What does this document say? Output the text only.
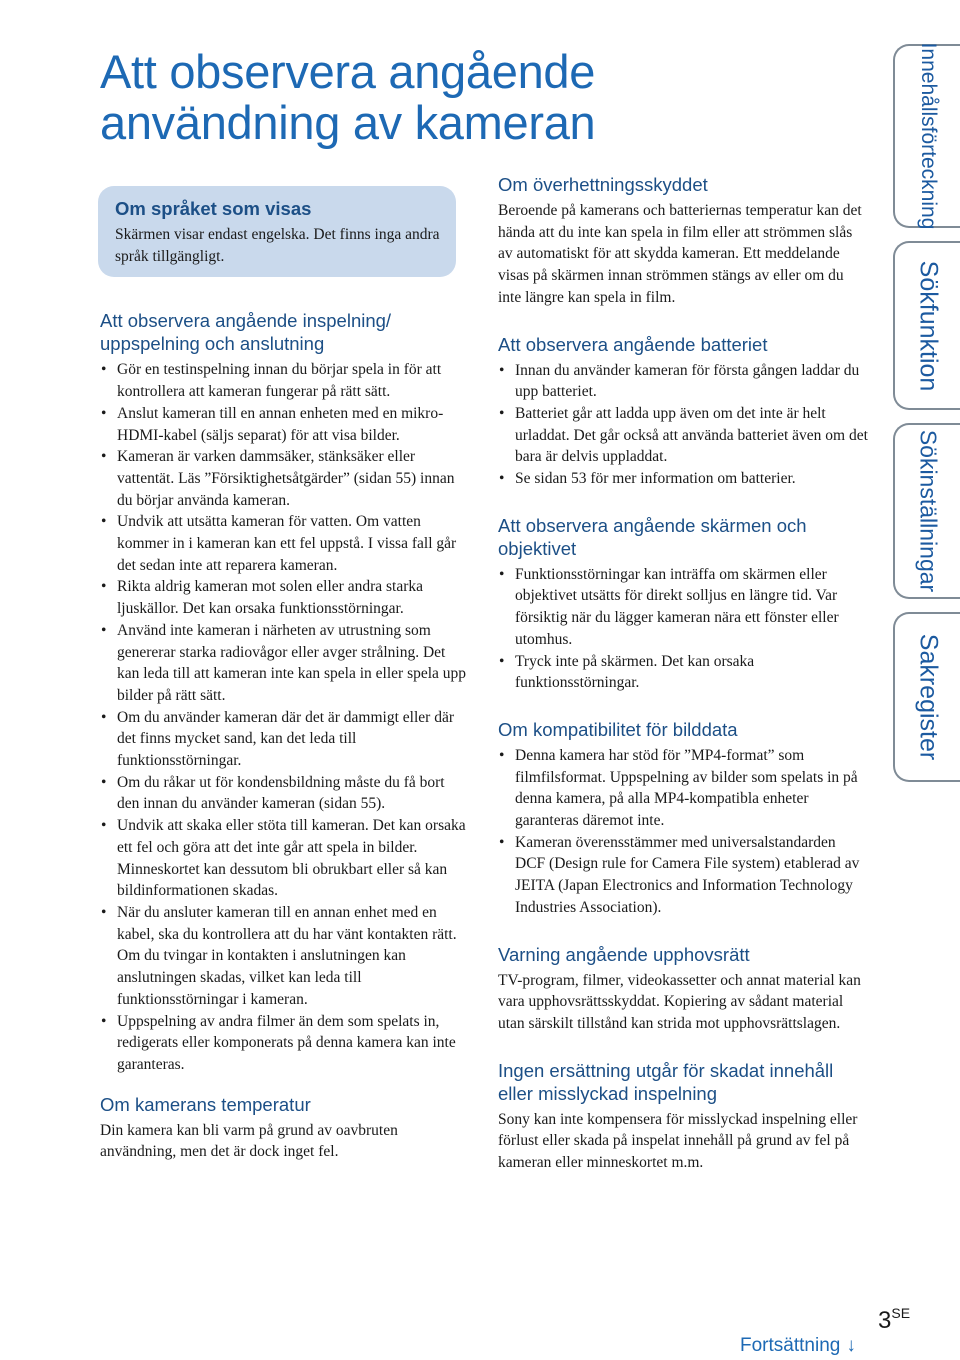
Att observera angående användning av kameran
Om språket som visas

Skärmen visar endast engelska. Det finns inga andra språk tillgängligt.

Att observera angående inspelning/ uppspelning och anslutning
• Gör en testinspelning innan du börjar spela in för att kontrollera att kameran fungerar på rätt sätt.
• Anslut kameran till en annan enheten med en mikro-HDMI-kabel (säljs separat) för att visa bilder.
• Kameran är varken dammsäker, stänksäker eller vattentät. Läs ”Försiktighetsåtgärder” (sidan 55) innan du börjar använda kameran.
• Undvik att utsätta kameran för vatten. Om vatten kommer in i kameran kan ett fel uppstå. I vissa fall går det sedan inte att reparera kameran.
• Rikta aldrig kameran mot solen eller andra starka ljuskällor. Det kan orsaka funktionsstörningar.
• Använd inte kameran i närheten av utrustning som genererar starka radiovågor eller avger strålning. Det kan leda till att kameran inte kan spela in eller spela upp bilder på rätt sätt.
• Om du använder kameran där det är dammigt eller där det finns mycket sand, kan det leda till funktionsstörningar.
• Om du råkar ut för kondensbildning måste du få bort den innan du använder kameran (sidan 55).
• Undvik att skaka eller stöta till kameran. Det kan orsaka ett fel och göra att det inte går att spela in bilder. Minneskortet kan dessutom bli obrukbart eller så kan bildinformationen skadas.
• När du ansluter kameran till en annan enhet med en kabel, ska du kontrollera att du har vänt kontakten rätt. Om du tvingar in kontakten i anslutningen kan anslutningen skadas, vilket kan leda till funktionsstörningar i kameran.
• Uppspelning av andra filmer än dem som spelats in, redigerats eller komponerats på denna kamera kan inte garanteras.
Om kamerans temperatur

Din kamera kan bli varm på grund av oavbruten användning, men det är dock inget fel.

Om överhettningsskyddet

Beroende på kamerans och batteriernas temperatur kan det hända att du inte kan spela in film eller att strömmen slås av automatiskt för att skydda kameran. Ett meddelande visas på skärmen innan strömmen stängs av eller om du inte längre kan spela in film.

Att observera angående batteriet
• Innan du använder kameran för första gången laddar du upp batteriet.
• Batteriet går att ladda upp även om det inte är helt urladdat. Det går också att använda batteriet även om det bara är delvis uppladdat.
• Se sidan 53 för mer information om batterier.
Att observera angående skärmen och objektivet
• Funktionsstörningar kan inträffa om skärmen eller objektivet utsätts för direkt solljus en längre tid. Var försiktig när du lägger kameran nära ett fönster eller utomhus.
• Tryck inte på skärmen. Det kan orsaka funktionsstörningar.
Om kompatibilitet för bilddata
• Denna kamera har stöd för ”MP4-format” som filmfilsformat. Uppspelning av bilder som spelats in på denna kamera, på alla MP4-kompatibla enheter garanteras däremot inte.
• Kameran överensstämmer med universalstandarden DCF (Design rule for Camera File system) etablerad av JEITA (Japan Electronics and Information Technology Industries Association).
Varning angående upphovsrätt

TV-program, filmer, videokassetter och annat material kan vara upphovsrättsskyddat. Kopiering av sådant material utan särskilt tillstånd kan strida mot upphovsrättslagen.

Ingen ersättning utgår för skadat innehåll eller misslyckad inspelning

Sony kan inte kompensera för misslyckad inspelning eller förlust eller skada på inspelat innehåll på grund av fel på kameran eller minneskortet m.m.

Innehållsförteckning
Sökfunktion
Sökinställningar
Sakregister
$3^{SE}$
Fortsättning ↓
